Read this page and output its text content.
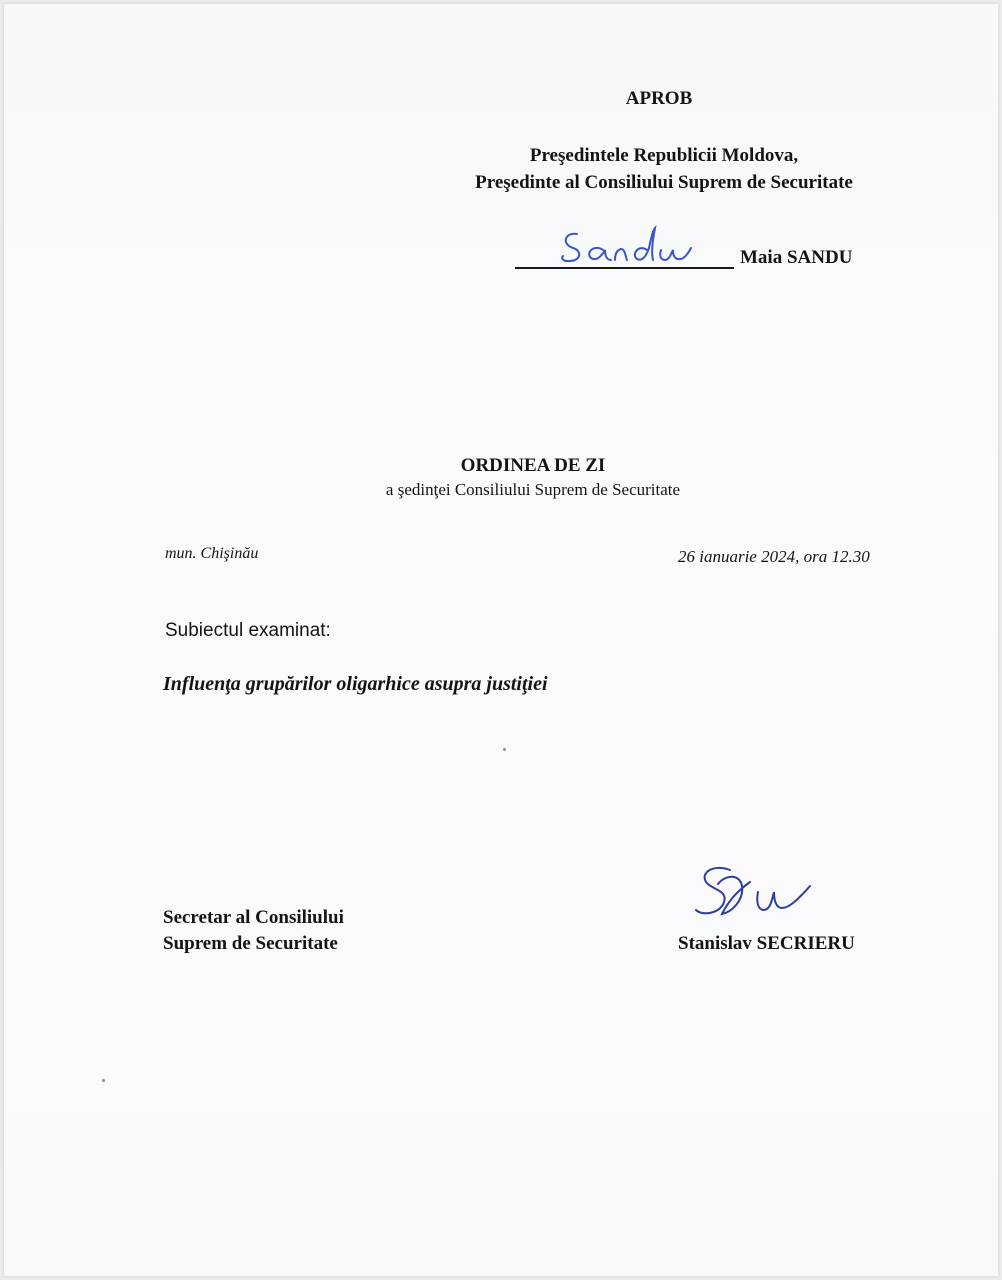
APROB
Preşedintele Republicii Moldova,
Preşedinte al Consiliului Suprem de Securitate
Sandu
Maia SANDU
ORDINEA DE ZI
a şedinţei Consiliului Suprem de Securitate
mun. Chişinău	26 ianuarie 2024, ora 12.30
Subiectul examinat:
Influenţa grupărilor oligarhice asupra justiţiei
Secretar al Consiliului
Suprem de Securitate	Stanislav SECRIERU
